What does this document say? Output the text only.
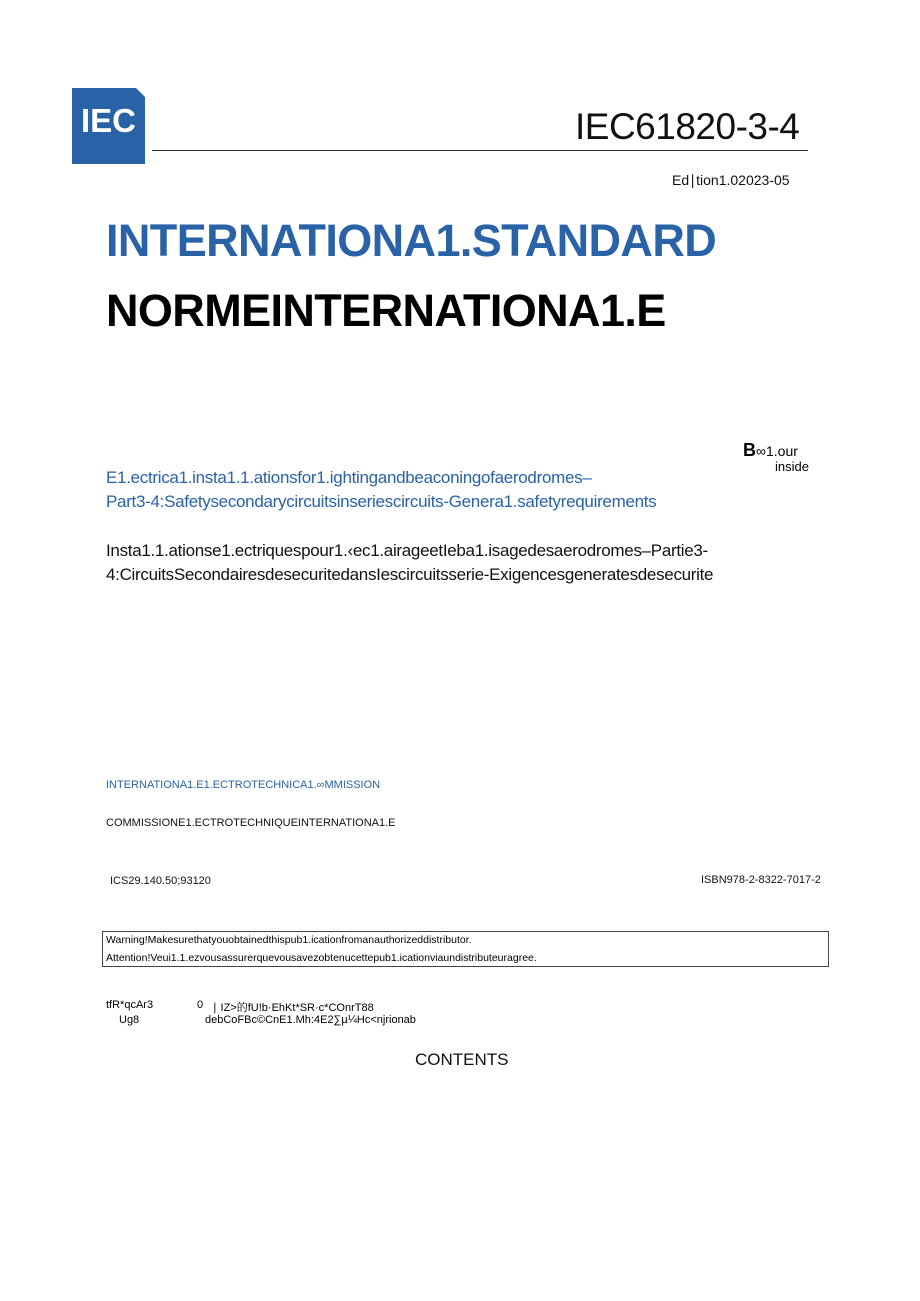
IEC	IEC61820-3-4
Ed∣tion1.02023-05
INTERNATIONA1.STANDARD
NORMEINTERNATIONA1.E
B∞1.our
inside
E1.ectrica1.insta1.1.ationsfor1.ightingandbeaconingofaerodromes–
Part3-4:Safetysecondarycircuitsinseriescircuits-Genera1.safetyrequirements
Insta1.1.ationse1.ectriquespour1.‹ec1.airageetIeba1.isagedesaerodromes–Partie3-
4:CircuitsSecondairesdesecuritedansIescircuitsserie-Exigencesgeneratesdesecurite
INTERNATIONA1.E1.ECTROTECHNICA1.∞MMISSION
COMMISSIONE1.ECTROTECHNIQUEINTERNATIONA1.E
ICS29.140.50;93120	ISBN978-2-8322-7017-2
Warning!Makesurethatyouobtainedthispub1.icationfromanauthorizeddistributor.
Attention!Veui1.1.ezvousassurerquevousavezobtenucettepub1.icationviaundistributeuragree.
tfR*qcAr3
Ug8
0 ∣ IZ>的fU!b·EhKt*SR·c*COnrT88
debCoFBc©CnE1.Mh:4E2∑µ¼Hc<njrionab
CONTENTS
